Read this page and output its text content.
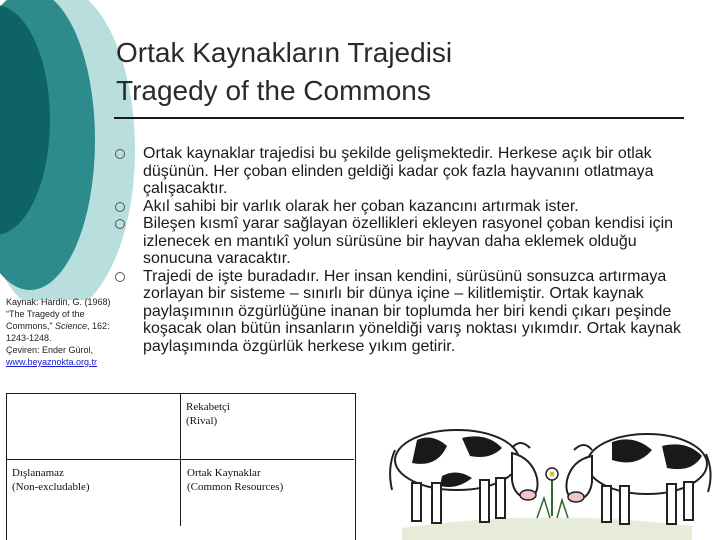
Ortak Kaynakların Trajedisi
Tragedy of the Commons
Ortak kaynaklar trajedisi bu şekilde gelişmektedir. Herkese açık bir otlak düşünün. Her çoban elinden geldiği kadar çok fazla hayvanını otlatmaya çalışacaktır.
Akıl sahibi bir varlık olarak her çoban kazancını artırmak ister.
Bileşen kısmî yarar sağlayan özellikleri ekleyen rasyonel çoban kendisi için izlenecek en mantıkî yolun sürüsüne bir hayvan daha eklemek olduğu sonucuna varacaktır.
Trajedi de işte buradadır. Her insan kendini, sürüsünü sonsuzca artırmaya zorlayan bir sisteme – sınırlı bir dünya içine – kilitlemiştir. Ortak kaynak paylaşımının özgürlüğüne inanan bir toplumda her biri kendi çıkarı peşinde koşacak olan bütün insanların yöneldiği varış noktası yıkımdır. Ortak kaynak paylaşımında özgürlük herkese yıkım getirir.
Kaynak: Hardin, G. (1968)
“The Tragedy of the
Commons,” Science, 162:
1243-1248.
Çeviren: Ender Gürol,
www.beyaznokta.org.tr
Rekabetçi
(Rival)
Dışlanamaz
(Non-excludable)
Ortak Kaynaklar
(Common Resources)
